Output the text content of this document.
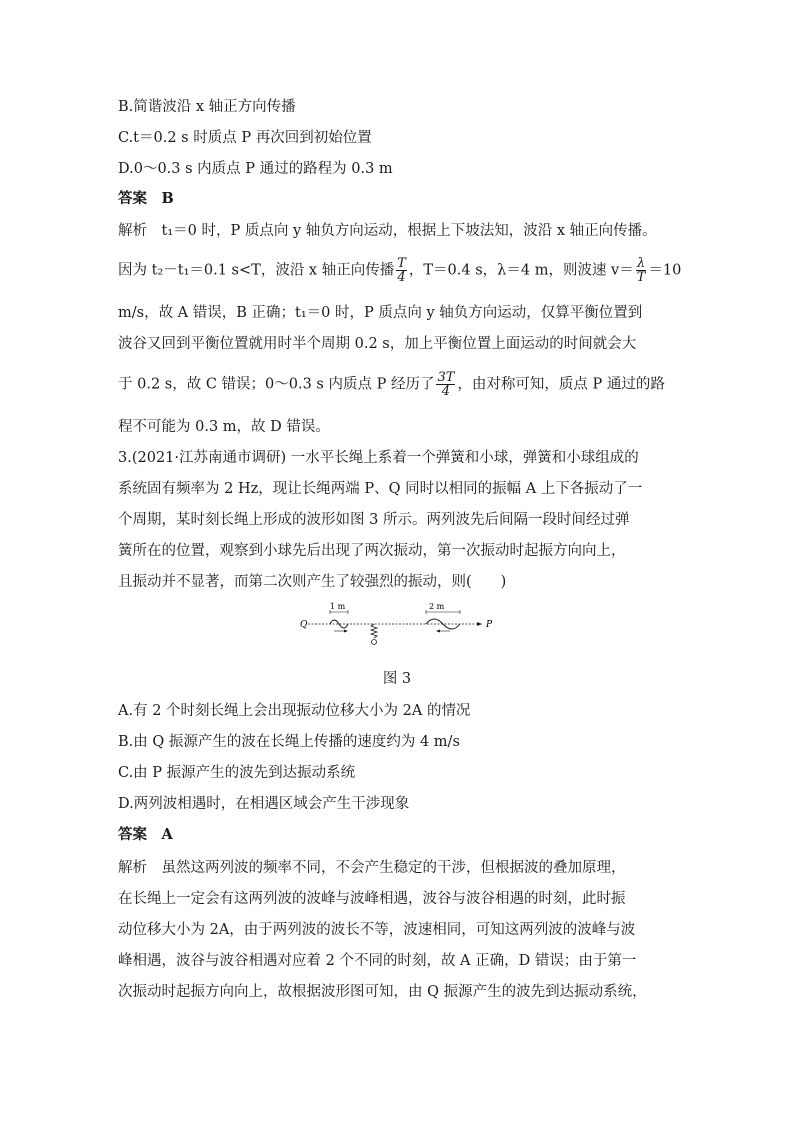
B.简谐波沿 x 轴正方向传播
C.t＝0.2 s 时质点 P 再次回到初始位置
D.0～0.3 s 内质点 P 通过的路程为 0.3 m
答案　B
解析　t₁＝0 时，P 质点向 y 轴负方向运动，根据上下坡法知，波沿 x 轴正向传播。
因为 t₂－t₁＝0.1 s<T，波沿 x 轴正向传播 $\frac{T}{4}$ ，T＝0.4 s，λ＝4 m，则波速 $v= \frac{\lambda}{T} =10$
m/s，故 A 错误，B 正确；t₁＝0 时，P 质点向 y 轴负方向运动，仅算平衡位置到
波谷又回到平衡位置就用时半个周期 0.2 s，加上平衡位置上面运动的时间就会大
于 0.2 s，故 C 错误；0～0.3 s 内质点 P 经历了 $\frac{3T}{4}$ ，由对称可知，质点 P 通过的路
程不可能为 0.3 m，故 D 错误。
3.(2021·江苏南通市调研) 一水平长绳上系着一个弹簧和小球，弹簧和小球组成的
系统固有频率为 2 Hz，现让长绳两端 P、Q 同时以相同的振幅 A 上下各振动了一
个周期，某时刻长绳上形成的波形如图 3 所示。两列波先后间隔一段时间经过弹
簧所在的位置，观察到小球先后出现了两次振动，第一次振动时起振方向向上，
且振动并不显著，而第二次则产生了较强烈的振动，则(　　)
Q	P
1 m	2 m
图 3
A.有 2 个时刻长绳上会出现振动位移大小为 2A 的情况
B.由 Q 振源产生的波在长绳上传播的速度约为 4 m/s
C.由 P 振源产生的波先到达振动系统
D.两列波相遇时，在相遇区域会产生干涉现象
答案　A
解析　虽然这两列波的频率不同，不会产生稳定的干涉，但根据波的叠加原理，
在长绳上一定会有这两列波的波峰与波峰相遇，波谷与波谷相遇的时刻，此时振
动位移大小为 2A，由于两列波的波长不等，波速相同，可知这两列波的波峰与波
峰相遇，波谷与波谷相遇对应着 2 个不同的时刻，故 A 正确，D 错误；由于第一
次振动时起振方向向上，故根据波形图可知，由 Q 振源产生的波先到达振动系统，
